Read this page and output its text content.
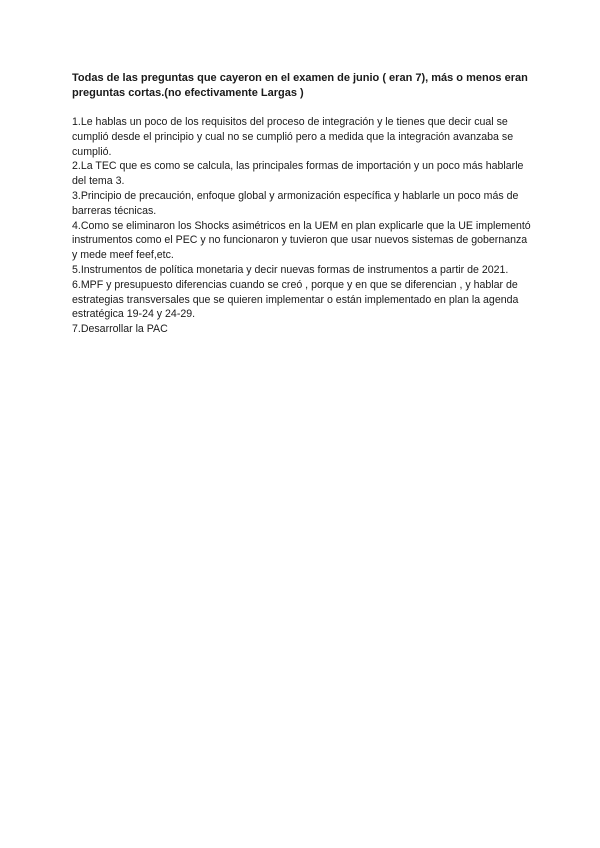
Todas de las preguntas que cayeron en el examen de junio ( eran 7), más o menos eran preguntas cortas.(no efectivamente Largas )

1.Le hablas un poco de los requisitos del proceso de integración y le tienes que decir cual se cumplió desde el principio y cual no se cumplió pero a medida que la integración avanzaba se cumplió.

2.La TEC que es como se calcula, las principales formas de importación y un poco más hablarle del tema 3.

3.Principio de precaución, enfoque global y armonización específica y hablarle un poco más de barreras técnicas.

4.Como se eliminaron los Shocks asimétricos en la UEM en plan explicarle que la UE implementó instrumentos como el PEC y no funcionaron y tuvieron que usar nuevos sistemas de gobernanza y mede meef feef,etc.

5.Instrumentos de política monetaria y decir nuevas formas de instrumentos a partir de 2021.

6.MPF y presupuesto diferencias cuando se creó , porque y en que se diferencian , y hablar de estrategias transversales que se quieren implementar o están implementado en plan la agenda estratégica 19-24 y 24-29.

7.Desarrollar la PAC
